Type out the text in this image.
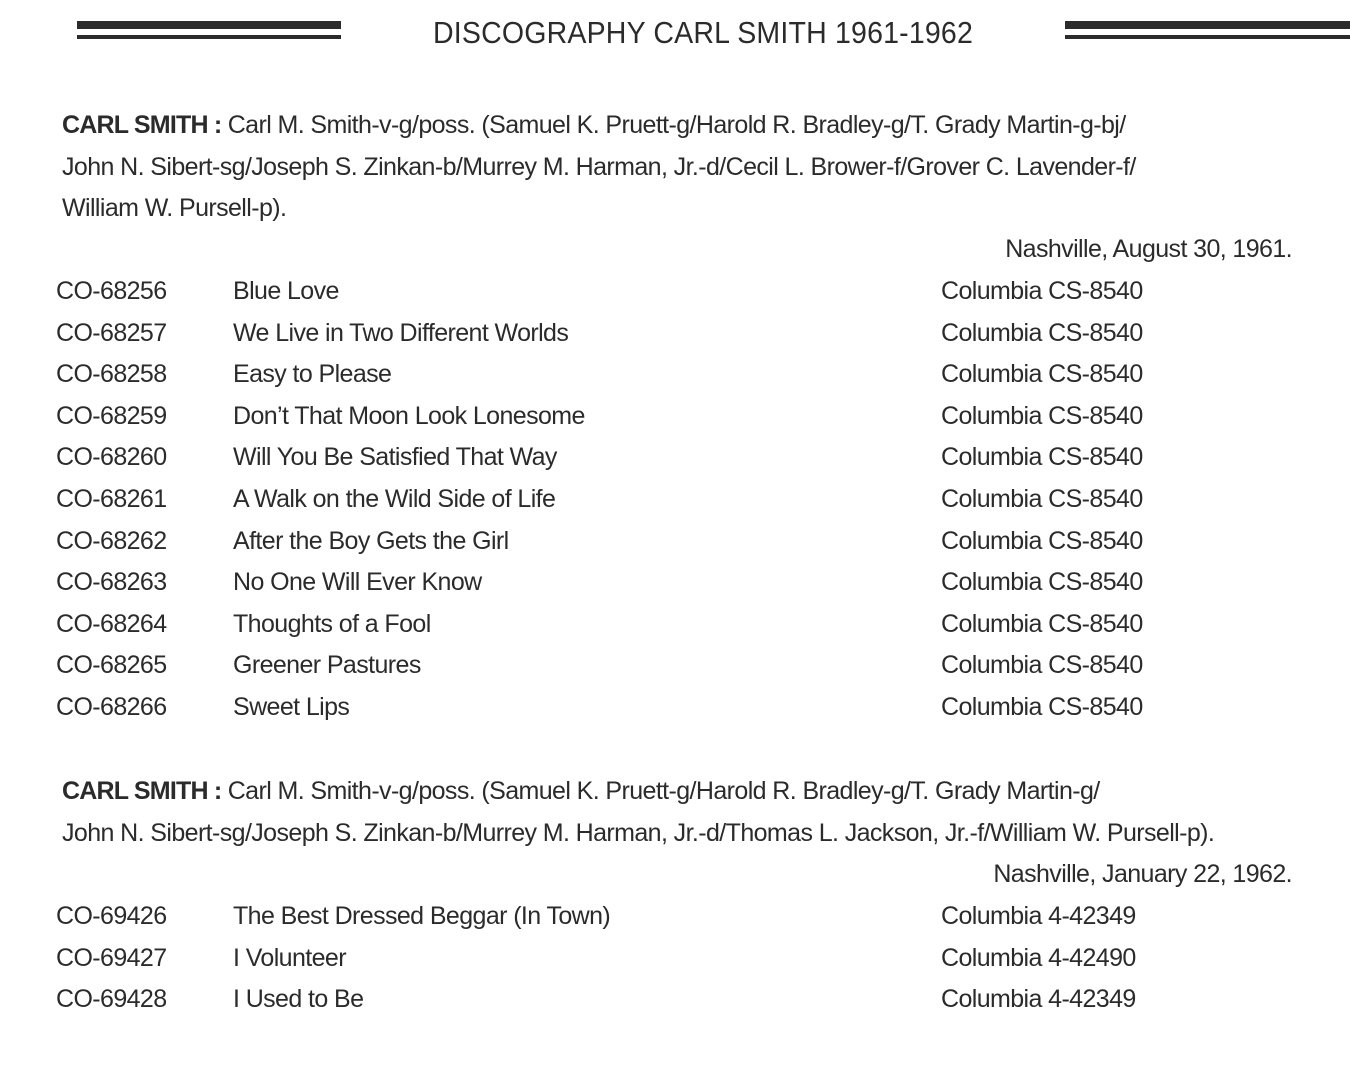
DISCOGRAPHY CARL SMITH 1961-1962
CARL SMITH : Carl M. Smith-v-g/poss. (Samuel K. Pruett-g/Harold R. Bradley-g/T. Grady Martin-g-bj/
John N. Sibert-sg/Joseph S. Zinkan-b/Murrey M. Harman, Jr.-d/Cecil L. Brower-f/Grover C. Lavender-f/
William W. Pursell-p).
Nashville, August 30, 1961.
CO-68256	Blue Love	Columbia CS-8540
CO-68257	We Live in Two Different Worlds	Columbia CS-8540
CO-68258	Easy to Please	Columbia CS-8540
CO-68259	Don’t That Moon Look Lonesome	Columbia CS-8540
CO-68260	Will You Be Satisfied That Way	Columbia CS-8540
CO-68261	A Walk on the Wild Side of Life	Columbia CS-8540
CO-68262	After the Boy Gets the Girl	Columbia CS-8540
CO-68263	No One Will Ever Know	Columbia CS-8540
CO-68264	Thoughts of a Fool	Columbia CS-8540
CO-68265	Greener Pastures	Columbia CS-8540
CO-68266	Sweet Lips	Columbia CS-8540
CARL SMITH : Carl M. Smith-v-g/poss. (Samuel K. Pruett-g/Harold R. Bradley-g/T. Grady Martin-g/
John N. Sibert-sg/Joseph S. Zinkan-b/Murrey M. Harman, Jr.-d/Thomas L. Jackson, Jr.-f/William W. Pursell-p).
Nashville, January 22, 1962.
CO-69426	The Best Dressed Beggar (In Town)	Columbia 4-42349
CO-69427	I Volunteer	Columbia 4-42490
CO-69428	I Used to Be	Columbia 4-42349
